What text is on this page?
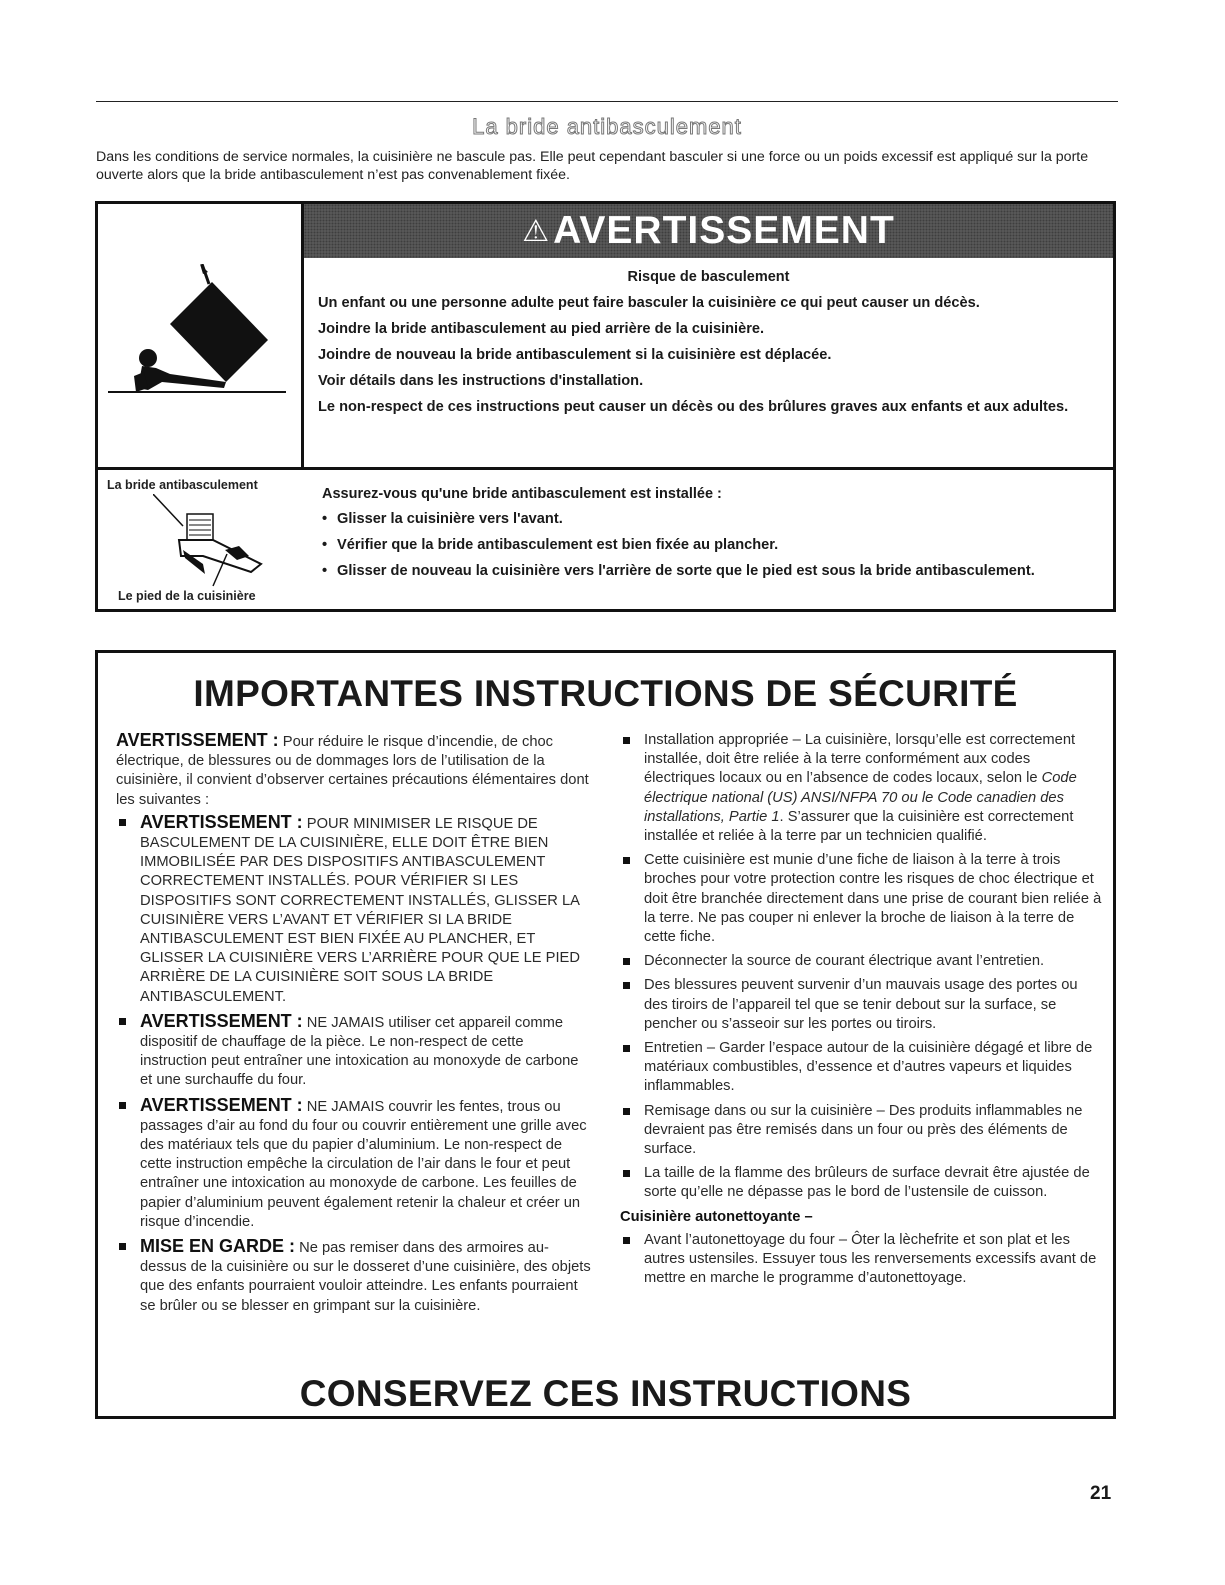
La bride antibasculement
Dans les conditions de service normales, la cuisinière ne bascule pas. Elle peut cependant basculer si une force ou un poids excessif est appliqué sur la porte ouverte alors que la bride antibasculement n’est pas convenablement fixée.
⚠ AVERTISSEMENT
Risque de basculement
Un enfant ou une personne adulte peut faire basculer la cuisinière ce qui peut causer un décès.
Joindre la bride antibasculement au pied arrière de la cuisinière.
Joindre de nouveau la bride antibasculement si la cuisinière est déplacée.
Voir détails dans les instructions d'installation.
Le non-respect de ces instructions peut causer un décès ou des brûlures graves aux enfants et aux adultes.
La bride antibasculement
Le pied de la cuisinière
Assurez-vous qu'une bride antibasculement est installée :
• Glisser la cuisinière vers l'avant.
• Vérifier que la bride antibasculement est bien fixée au plancher.
• Glisser de nouveau la cuisinière vers l'arrière de sorte que le pied est sous la bride antibasculement.
IMPORTANTES INSTRUCTIONS DE SÉCURITÉ

AVERTISSEMENT : Pour réduire le risque d’incendie, de choc électrique, de blessures ou de dommages lors de l’utilisation de la cuisinière, il convient d’observer certaines précautions élémentaires dont les suivantes :

AVERTISSEMENT : POUR MINIMISER LE RISQUE DE BASCULEMENT DE LA CUISINIÈRE, ELLE DOIT ÊTRE BIEN IMMOBILISÉE PAR DES DISPOSITIFS ANTIBASCULEMENT CORRECTEMENT INSTALLÉS. POUR VÉRIFIER SI LES DISPOSITIFS SONT CORRECTEMENT INSTALLÉS, GLISSER LA CUISINIÈRE VERS L’AVANT ET VÉRIFIER SI LA BRIDE ANTIBASCULEMENT EST BIEN FIXÉE AU PLANCHER, ET GLISSER LA CUISINIÈRE VERS L’ARRIÈRE POUR QUE LE PIED ARRIÈRE DE LA CUISINIÈRE SOIT SOUS LA BRIDE ANTIBASCULEMENT.
AVERTISSEMENT : NE JAMAIS utiliser cet appareil comme dispositif de chauffage de la pièce. Le non-respect de cette instruction peut entraîner une intoxication au monoxyde de carbone et une surchauffe du four.
AVERTISSEMENT : NE JAMAIS couvrir les fentes, trous ou passages d’air au fond du four ou couvrir entièrement une grille avec des matériaux tels que du papier d’aluminium. Le non-respect de cette instruction empêche la circulation de l’air dans le four et peut entraîner une intoxication au monoxyde de carbone. Les feuilles de papier d’aluminium peuvent également retenir la chaleur et créer un risque d’incendie.
MISE EN GARDE : Ne pas remiser dans des armoires au-dessus de la cuisinière ou sur le dosseret d’une cuisinière, des objets que des enfants pourraient vouloir atteindre. Les enfants pourraient se brûler ou se blesser en grimpant sur la cuisinière.
Installation appropriée – La cuisinière, lorsqu’elle est correctement installée, doit être reliée à la terre conformément aux codes électriques locaux ou en l’absence de codes locaux, selon le Code électrique national (US) ANSI/NFPA 70 ou le Code canadien des installations, Partie 1. S’assurer que la cuisinière est correctement installée et reliée à la terre par un technicien qualifié.
Cette cuisinière est munie d’une fiche de liaison à la terre à trois broches pour votre protection contre les risques de choc électrique et doit être branchée directement dans une prise de courant bien reliée à la terre. Ne pas couper ni enlever la broche de liaison à la terre de cette fiche.
Déconnecter la source de courant électrique avant l’entretien.
Des blessures peuvent survenir d’un mauvais usage des portes ou des tiroirs de l’appareil tel que se tenir debout sur la surface, se pencher ou s’asseoir sur les portes ou tiroirs.
Entretien – Garder l’espace autour de la cuisinière dégagé et libre de matériaux combustibles, d’essence et d’autres vapeurs et liquides inflammables.
Remisage dans ou sur la cuisinière – Des produits inflammables ne devraient pas être remisés dans un four ou près des éléments de surface.
La taille de la flamme des brûleurs de surface devrait être ajustée de sorte qu’elle ne dépasse pas le bord de l’ustensile de cuisson.

Cuisinière autonettoyante –

Avant l’autonettoyage du four – Ôter la lèchefrite et son plat et les autres ustensiles. Essuyer tous les renversements excessifs avant de mettre en marche le programme d’autonettoyage.
CONSERVEZ CES INSTRUCTIONS
21
